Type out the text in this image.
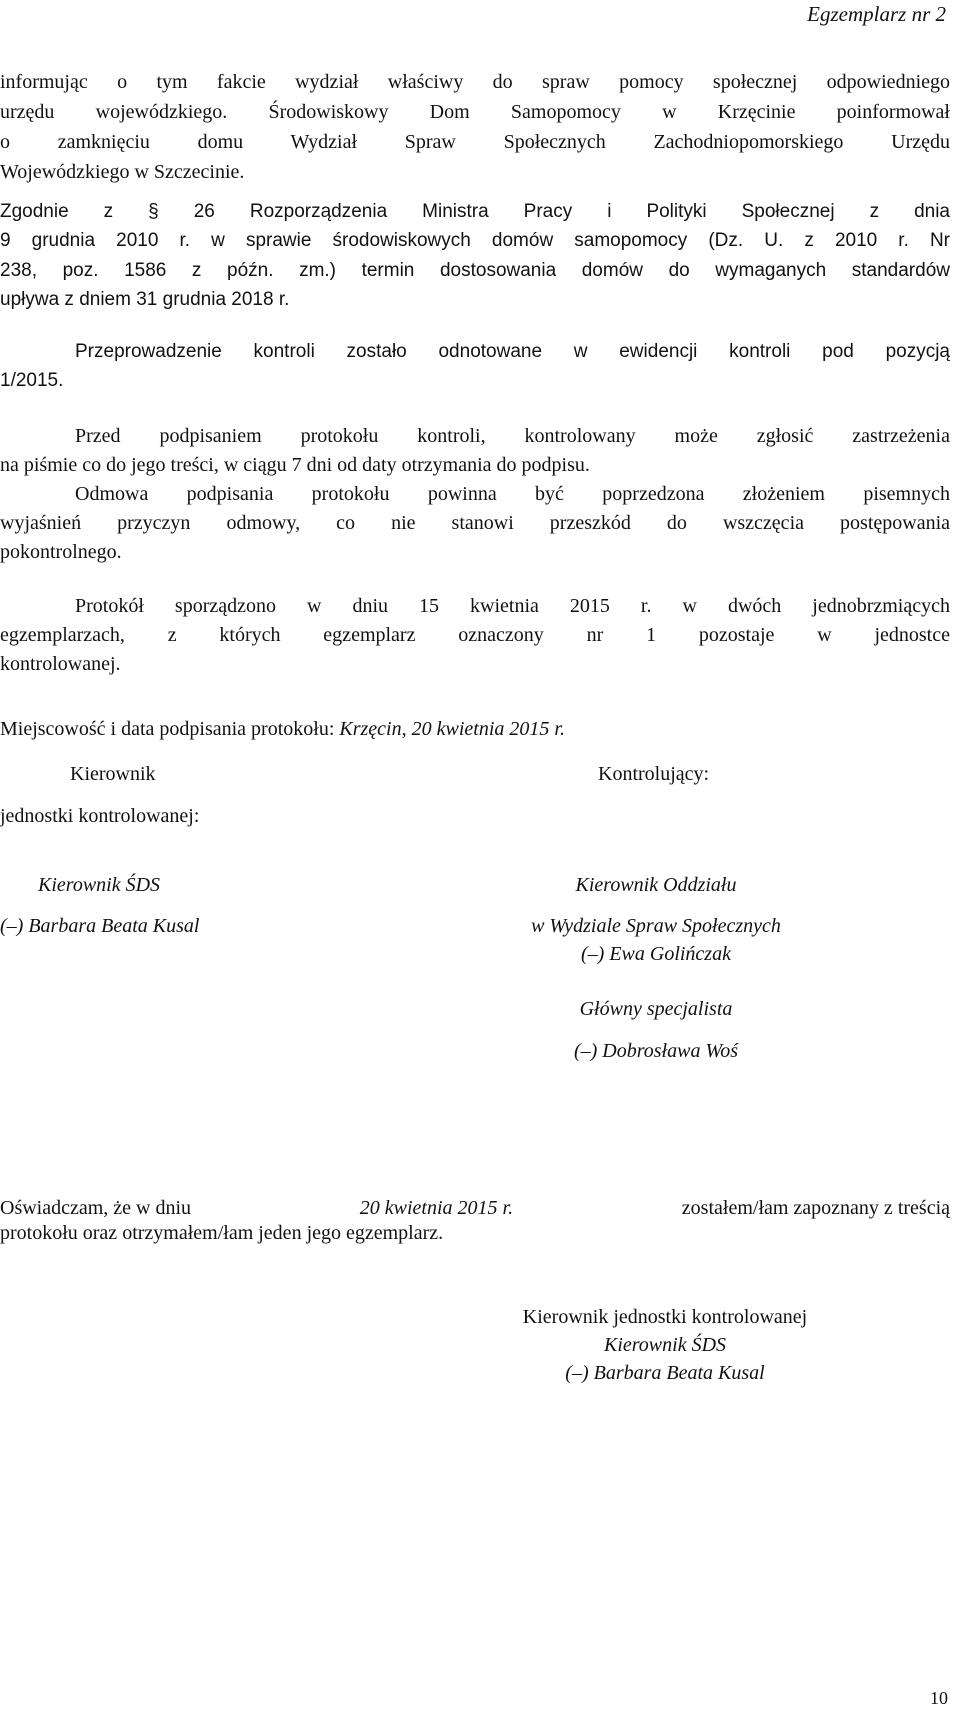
Egzemplarz nr 2
informując o tym fakcie wydział właściwy do spraw pomocy społecznej odpowiedniego
urzędu wojewódzkiego. Środowiskowy Dom Samopomocy w Krzęcinie poinformował
o zamknięciu domu Wydział Spraw Społecznych Zachodniopomorskiego Urzędu
Wojewódzkiego w Szczecinie.
Zgodnie z § 26 Rozporządzenia Ministra Pracy i Polityki Społecznej z dnia
9 grudnia 2010 r. w sprawie środowiskowych domów samopomocy (Dz. U. z 2010 r. Nr
238, poz. 1586 z późn. zm.) termin dostosowania domów do wymaganych standardów
upływa z dniem 31 grudnia 2018 r.
Przeprowadzenie kontroli zostało odnotowane w ewidencji kontroli pod pozycją
1/2015.
Przed podpisaniem protokołu kontroli, kontrolowany może zgłosić zastrzeżenia
na piśmie co do jego treści, w ciągu 7 dni od daty otrzymania do podpisu.
Odmowa podpisania protokołu powinna być poprzedzona złożeniem pisemnych
wyjaśnień przyczyn odmowy, co nie stanowi przeszkód do wszczęcia postępowania
pokontrolnego.
Protokół sporządzono w dniu 15 kwietnia 2015 r. w dwóch jednobrzmiących
egzemplarzach, z których egzemplarz oznaczony nr 1 pozostaje w jednostce
kontrolowanej.
Miejscowość i data podpisania protokołu: Krzęcin, 20 kwietnia 2015 r.
Kierownik	Kontrolujący:
jednostki kontrolowanej:
Kierownik ŚDS
(–) Barbara Beata Kusal
Kierownik Oddziału
w Wydziale Spraw Społecznych
(–) Ewa Golińczak
Główny specjalista
(–) Dobrosława Woś
Oświadczam, że w dniu	20 kwietnia 2015 r.	zostałem/łam zapoznany z treścią
protokołu oraz otrzymałem/łam jeden jego egzemplarz.
Kierownik jednostki kontrolowanej
Kierownik ŚDS
(–) Barbara Beata Kusal
10
